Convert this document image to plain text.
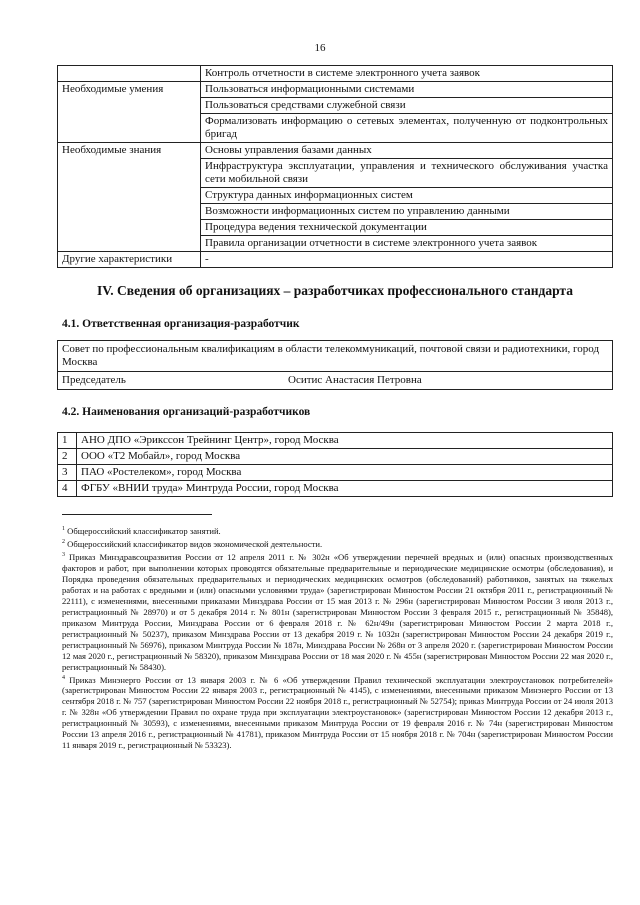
16
	Контроль отчетности в системе электронного учета заявок
Необходимые умения	Пользоваться информационными системами
	Пользоваться средствами служебной связи
	Формализовать информацию о сетевых элементах, полученную от подконтрольных бригад
Необходимые знания	Основы управления базами данных
	Инфраструктура эксплуатации, управления и технического обслуживания участка сети мобильной связи
	Структура данных информационных систем
	Возможности информационных систем по управлению данными
	Процедура ведения технической документации
	Правила организации отчетности в системе электронного учета заявок
Другие характеристики	-
IV. Сведения об организациях – разработчиках профессионального стандарта
4.1. Ответственная организация-разработчик
Совет по профессиональным квалификациям в области телекоммуникаций, почтовой связи и радиотехники, город Москва
Председатель	Оситис Анастасия Петровна
4.2. Наименования организаций-разработчиков
1	АНО ДПО «Эрикссон Трейнинг Центр», город Москва
2	ООО «Т2 Мобайл», город Москва
3	ПАО «Ростелеком», город Москва
4	ФГБУ «ВНИИ труда» Минтруда России, город Москва

$^1$ Общероссийский классификатор занятий.

$^2$ Общероссийский классификатор видов экономической деятельности.

$^3$ Приказ Минздравсоцразвития России от 12 апреля 2011 г. № 302н «Об утверждении перечней вредных и (или) опасных производственных факторов и работ, при выполнении которых проводятся обязательные предварительные и периодические медицинские осмотры (обследования), и Порядка проведения обязательных предварительных и периодических медицинских осмотров (обследований) работников, занятых на тяжелых работах и на работах с вредными и (или) опасными условиями труда» (зарегистрирован Минюстом России 21 октября 2011 г., регистрационный № 22111), с изменениями, внесенными приказами Минздрава России от 15 мая 2013 г. № 296н (зарегистрирован Минюстом России 3 июля 2013 г., регистрационный № 28970) и от 5 декабря 2014 г. № 801н (зарегистрирован Минюстом России 3 февраля 2015 г., регистрационный № 35848), приказом Минтруда России, Минздрава России от 6 февраля 2018 г. № 62н/49н (зарегистрирован Минюстом России 2 марта 2018 г., регистрационный № 50237), приказом Минздрава России от 13 декабря 2019 г. № 1032н (зарегистрирован Минюстом России 24 декабря 2019 г., регистрационный № 56976), приказом Минтруда России № 187н, Минздрава России № 268н от 3 апреля 2020 г. (зарегистрирован Минюстом России 12 мая 2020 г., регистрационный № 58320), приказом Минздрава России от 18 мая 2020 г. № 455н (зарегистрирован Минюстом России 22 мая 2020 г., регистрационный № 58430).

$^4$ Приказ Минэнерго России от 13 января 2003 г. № 6 «Об утверждении Правил технической эксплуатации электроустановок потребителей» (зарегистрирован Минюстом России 22 января 2003 г., регистрационный № 4145), с изменениями, внесенными приказом Минэнерго России от 13 сентября 2018 г. № 757 (зарегистрирован Минюстом России 22 ноября 2018 г., регистрационный № 52754); приказ Минтруда России от 24 июля 2013 г. № 328н «Об утверждении Правил по охране труда при эксплуатации электроустановок» (зарегистрирован Минюстом России 12 декабря 2013 г., регистрационный № 30593), с изменениями, внесенными приказом Минтруда России от 19 февраля 2016 г. № 74н (зарегистрирован Минюстом России 13 апреля 2016 г., регистрационный № 41781), приказом Минтруда России от 15 ноября 2018 г. № 704н (зарегистрирован Минюстом России 11 января 2019 г., регистрационный № 53323).
